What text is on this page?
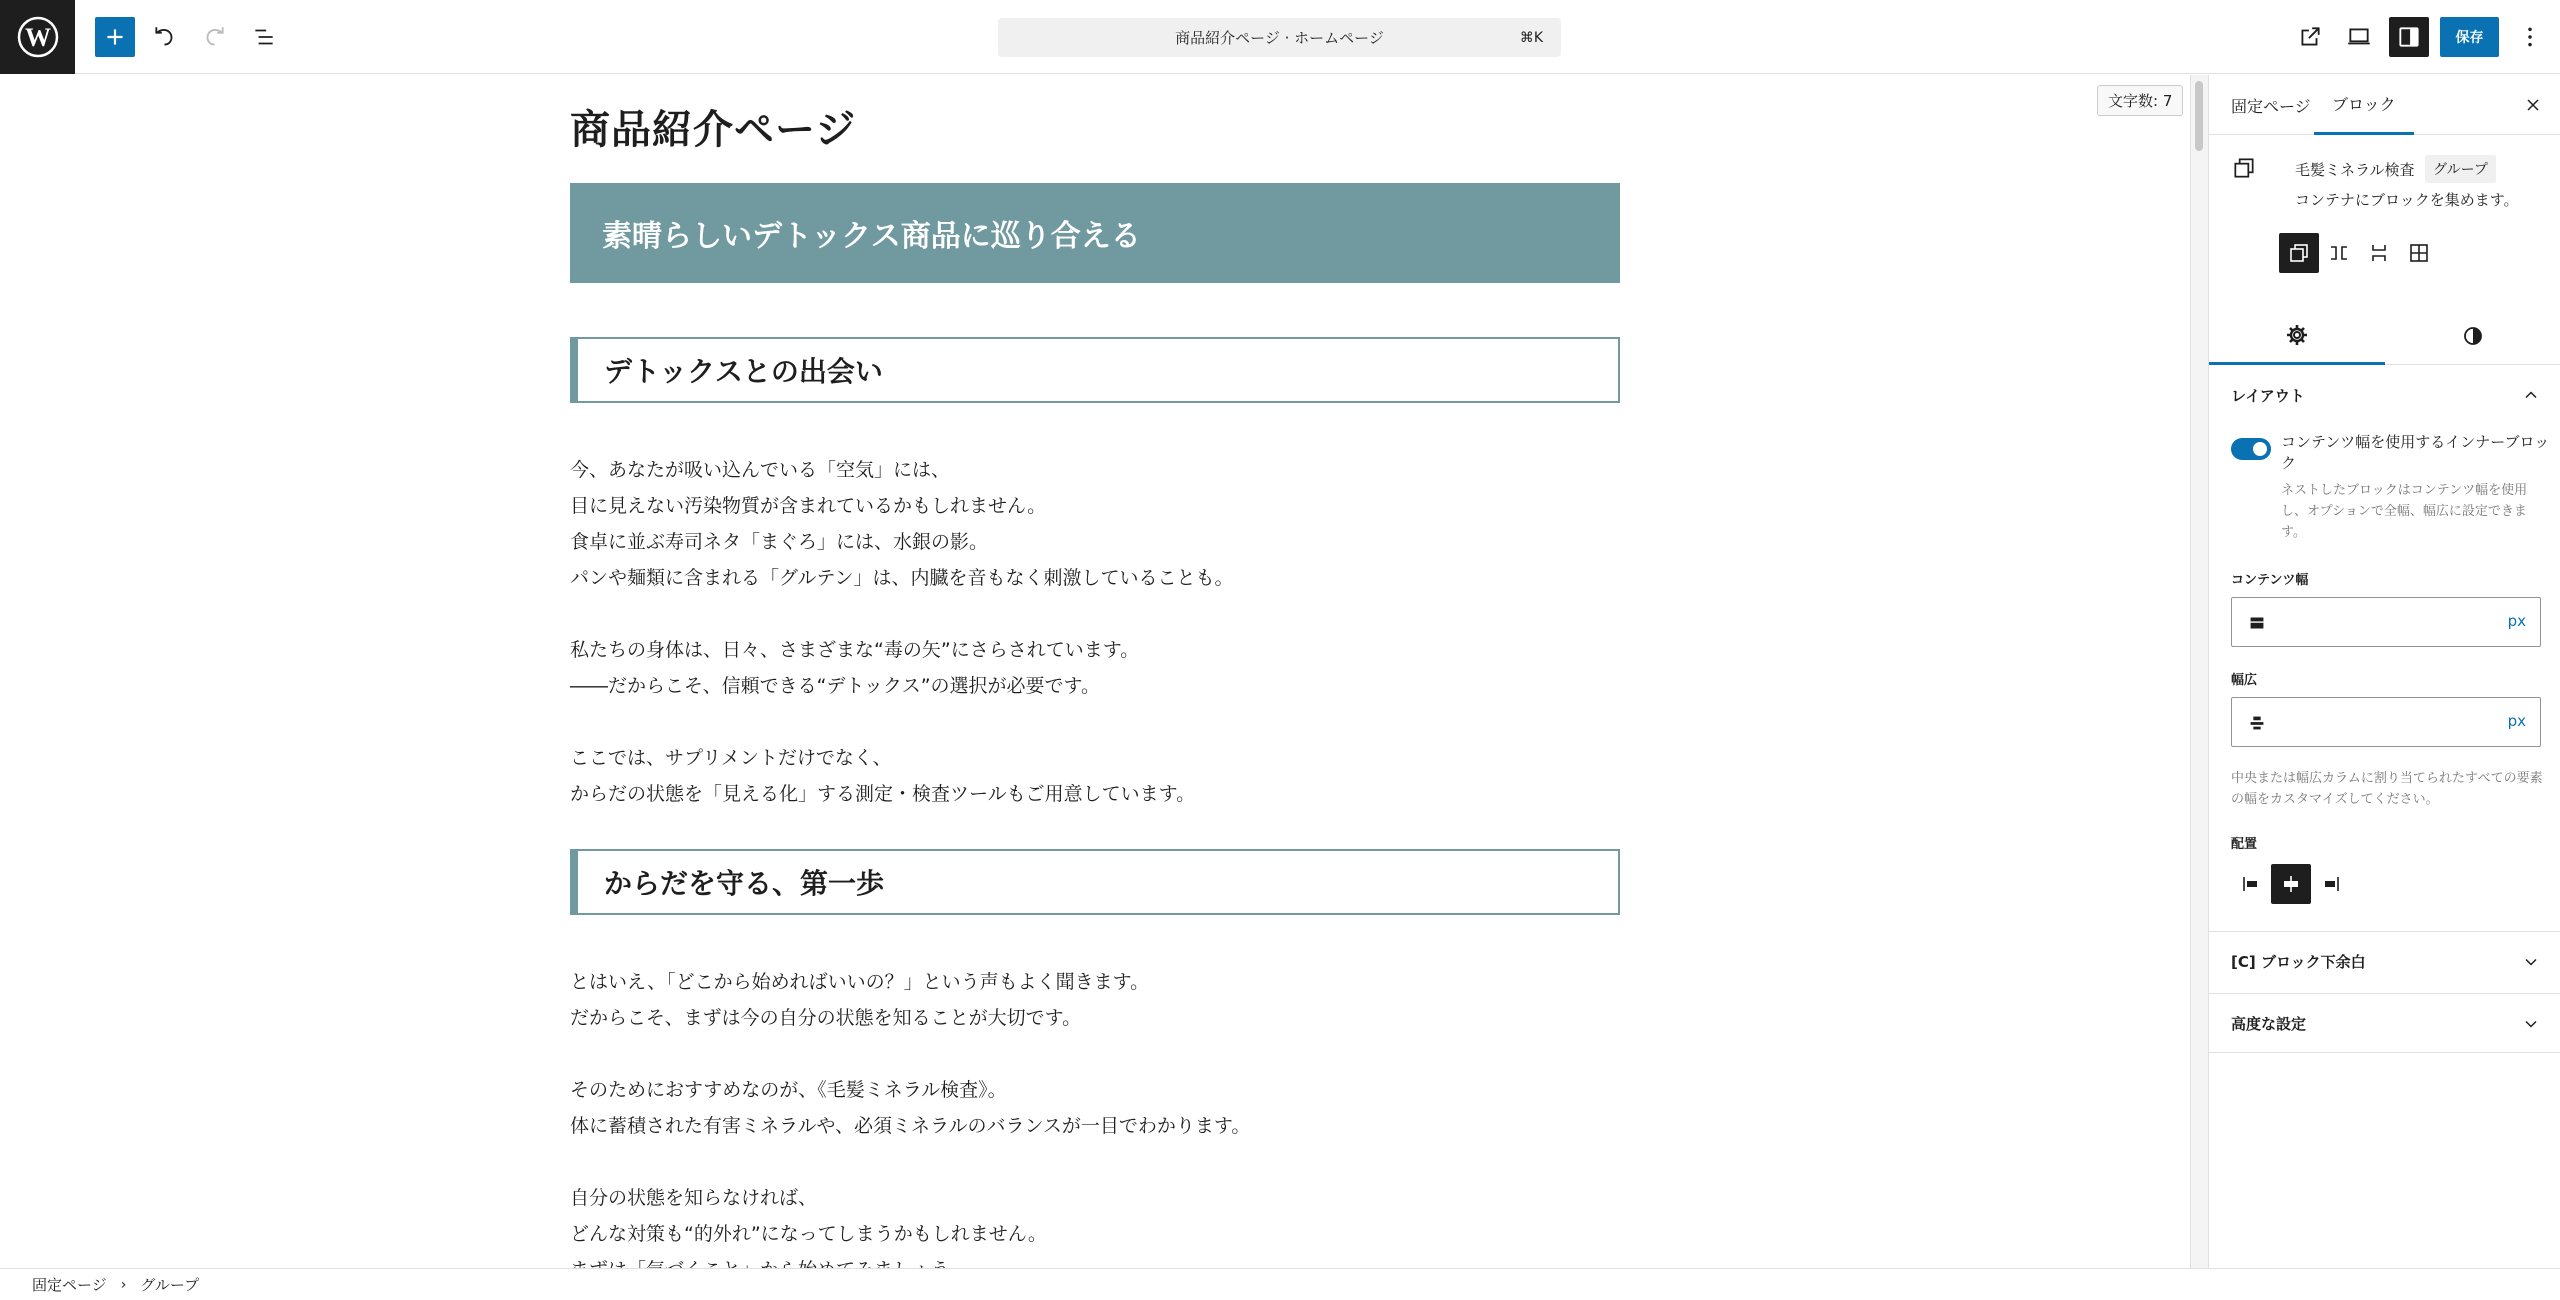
W	商品紹介ページ · ホームページ	⌘K	保存
文字数: 7
商品紹介ページ
素晴らしいデトックス商品に巡り合える
デトックスとの出会い
今、あなたが吸い込んでいる「空気」には、
目に見えない汚染物質が含まれているかもしれません。
食卓に並ぶ寿司ネタ「まぐろ」には、水銀の影。
パンや麺類に含まれる「グルテン」は、内臓を音もなく刺激していることも。
私たちの身体は、日々、さまざまな“毒の矢”にさらされています。
――だからこそ、信頼できる“デトックス”の選択が必要です。
ここでは、サプリメントだけでなく、
からだの状態を「見える化」する測定・検査ツールもご用意しています。
からだを守る、第一歩
とはいえ、「どこから始めればいいの？」という声もよく聞きます。
だからこそ、まずは今の自分の状態を知ることが大切です。
そのためにおすすめなのが、《毛髪ミネラル検査》。
体に蓄積された有害ミネラルや、必須ミネラルのバランスが一目でわかります。
自分の状態を知らなければ、
どんな対策も“的外れ”になってしまうかもしれません。

固定ページ › グループ
固定ページ	ブロック
毛髪ミネラル検査	グループ
コンテナにブロックを集めます。
レイアウト
コンテンツ幅を使用するインナーブロック
ネストしたブロックはコンテンツ幅を使用し、オプションで全幅、幅広に設定できます。
コンテンツ幅
px
幅広
px
中央または幅広カラムに割り当てられたすべての要素の幅をカスタマイズしてください。
配置
[C] ブロック下余白
高度な設定
